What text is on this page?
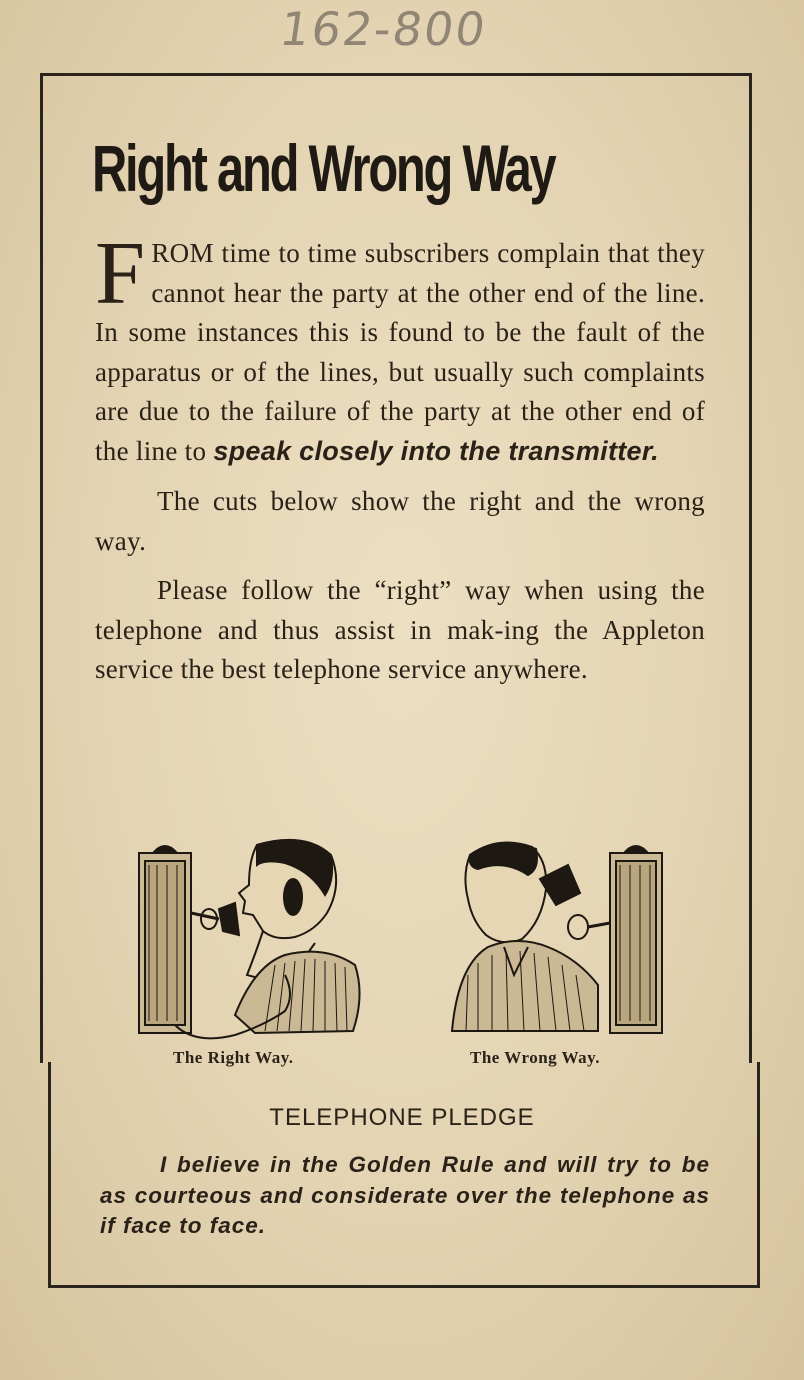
162-800
Right and Wrong Way

FROM time to time subscribers complain that they cannot hear the party at the other end of the line. In some instances this is found to be the fault of the apparatus or of the lines, but usually such complaints are due to the failure of the party at the other end of the line to speak closely into the transmitter.

The cuts below show the right and the wrong way.

Please follow the “right” way when using the telephone and thus assist in mak-ing the Appleton service the best telephone service anywhere.

The Right Way.	The Wrong Way.
TELEPHONE PLEDGE
I believe in the Golden Rule and will try to be as courteous and considerate over the telephone as if face to face.
